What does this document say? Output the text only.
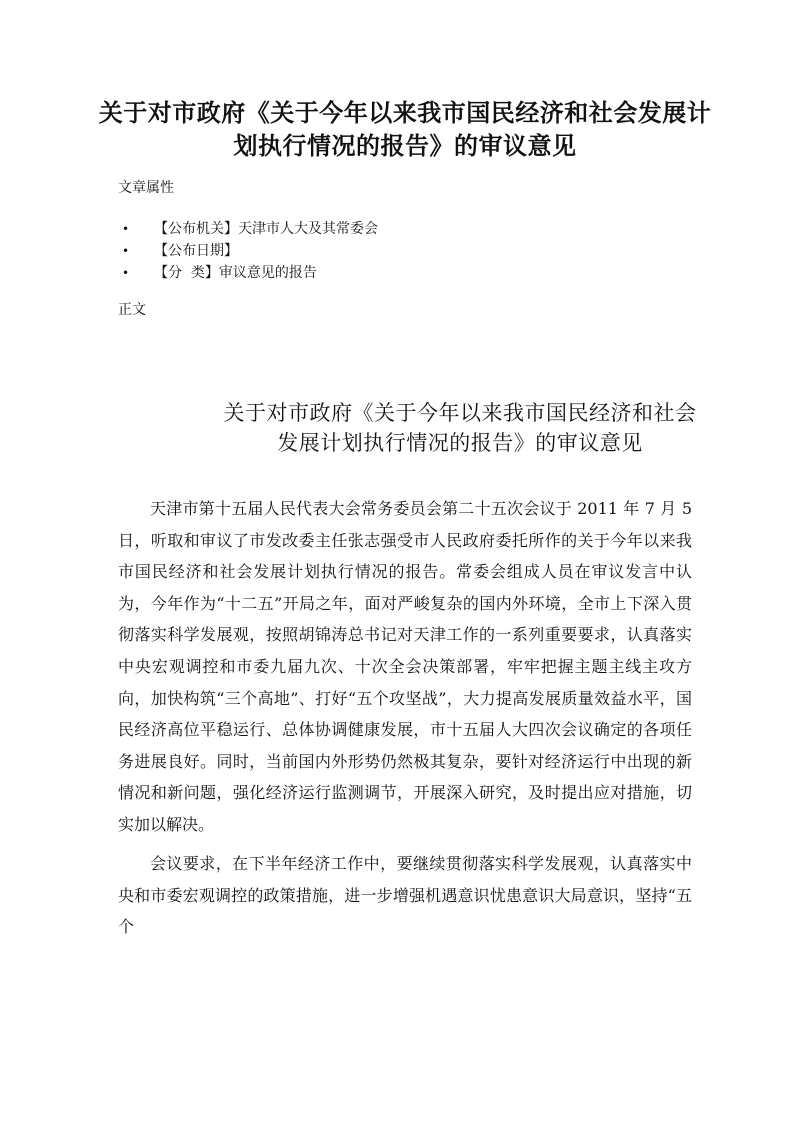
关于对市政府《关于今年以来我市国民经济和社会发展计划执行情况的报告》的审议意见
文章属性
• 【公布机关】天津市人大及其常委会
• 【公布日期】
• 【分  类】审议意见的报告
正文
关于对市政府《关于今年以来我市国民经济和社会发展计划执行情况的报告》的审议意见

天津市第十五届人民代表大会常务委员会第二十五次会议于 2011 年 7 月 5 日，听取和审议了市发改委主任张志强受市人民政府委托所作的关于今年以来我市国民经济和社会发展计划执行情况的报告。常委会组成人员在审议发言中认为，今年作为“十二五”开局之年，面对严峻复杂的国内外环境，全市上下深入贯彻落实科学发展观，按照胡锦涛总书记对天津工作的一系列重要要求，认真落实中央宏观调控和市委九届九次、十次全会决策部署，牢牢把握主题主线主攻方向，加快构筑“三个高地”、打好“五个攻坚战”，大力提高发展质量效益水平，国民经济高位平稳运行、总体协调健康发展，市十五届人大四次会议确定的各项任务进展良好。同时，当前国内外形势仍然极其复杂，要针对经济运行中出现的新情况和新问题，强化经济运行监测调节，开展深入研究，及时提出应对措施，切实加以解决。

会议要求，在下半年经济工作中，要继续贯彻落实科学发展观，认真落实中央和市委宏观调控的政策措施，进一步增强机遇意识忧患意识大局意识，坚持“五个
